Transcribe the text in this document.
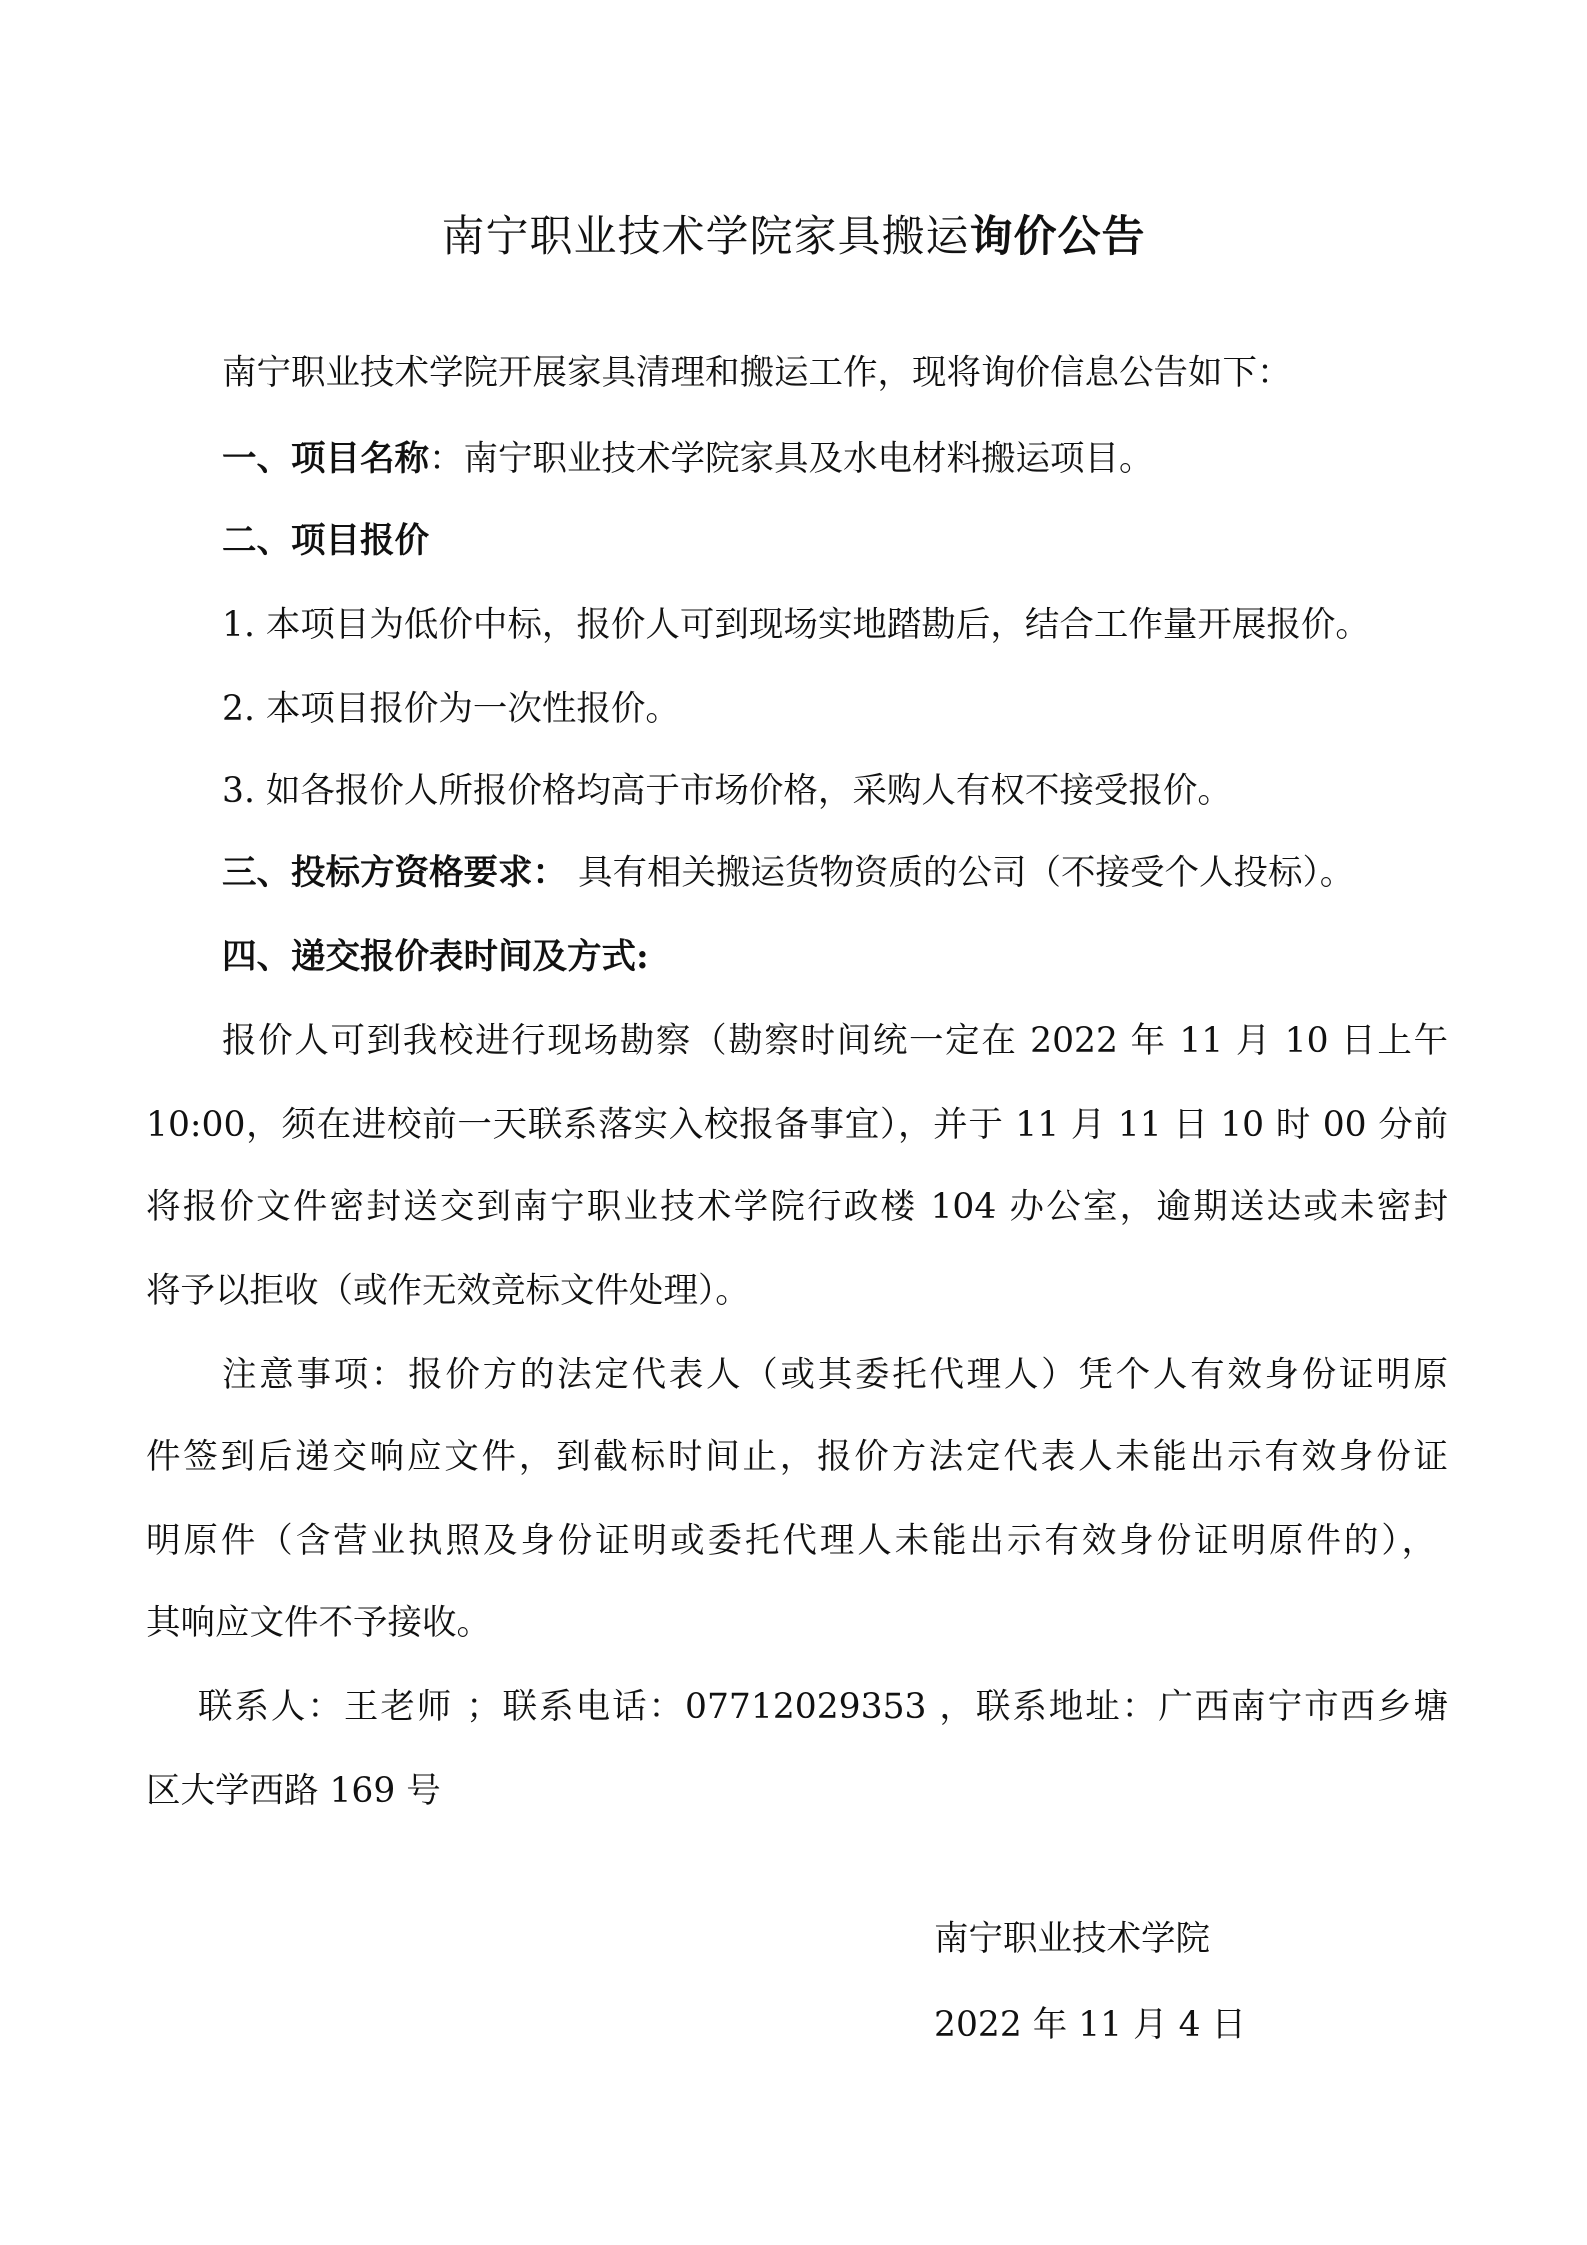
南宁职业技术学院家具搬运询价公告
南宁职业技术学院开展家具清理和搬运工作，现将询价信息公告如下：
一、项目名称：南宁职业技术学院家具及水电材料搬运项目。
二、项目报价
1. 本项目为低价中标，报价人可到现场实地踏勘后，结合工作量开展报价。
2. 本项目报价为一次性报价。
3. 如各报价人所报价格均高于市场价格，采购人有权不接受报价。
三、投标方资格要求： 具有相关搬运货物资质的公司（不接受个人投标）。
四、递交报价表时间及方式:
报价人可到我校进行现场勘察（勘察时间统一定在 2022 年 11 月 10 日上午
10:00，须在进校前一天联系落实入校报备事宜），并于 11 月 11 日 10 时 00 分前
将报价文件密封送交到南宁职业技术学院行政楼 104 办公室，逾期送达或未密封
将予以拒收（或作无效竞标文件处理）。
注意事项：报价方的法定代表人（或其委托代理人）凭个人有效身份证明原
件签到后递交响应文件，到截标时间止，报价方法定代表人未能出示有效身份证
明原件（含营业执照及身份证明或委托代理人未能出示有效身份证明原件的），
其响应文件不予接收。
联系人：王老师 ；联系电话：07712029353 ，联系地址：广西南宁市西乡塘
区大学西路 169 号
南宁职业技术学院
2022 年 11 月 4 日
